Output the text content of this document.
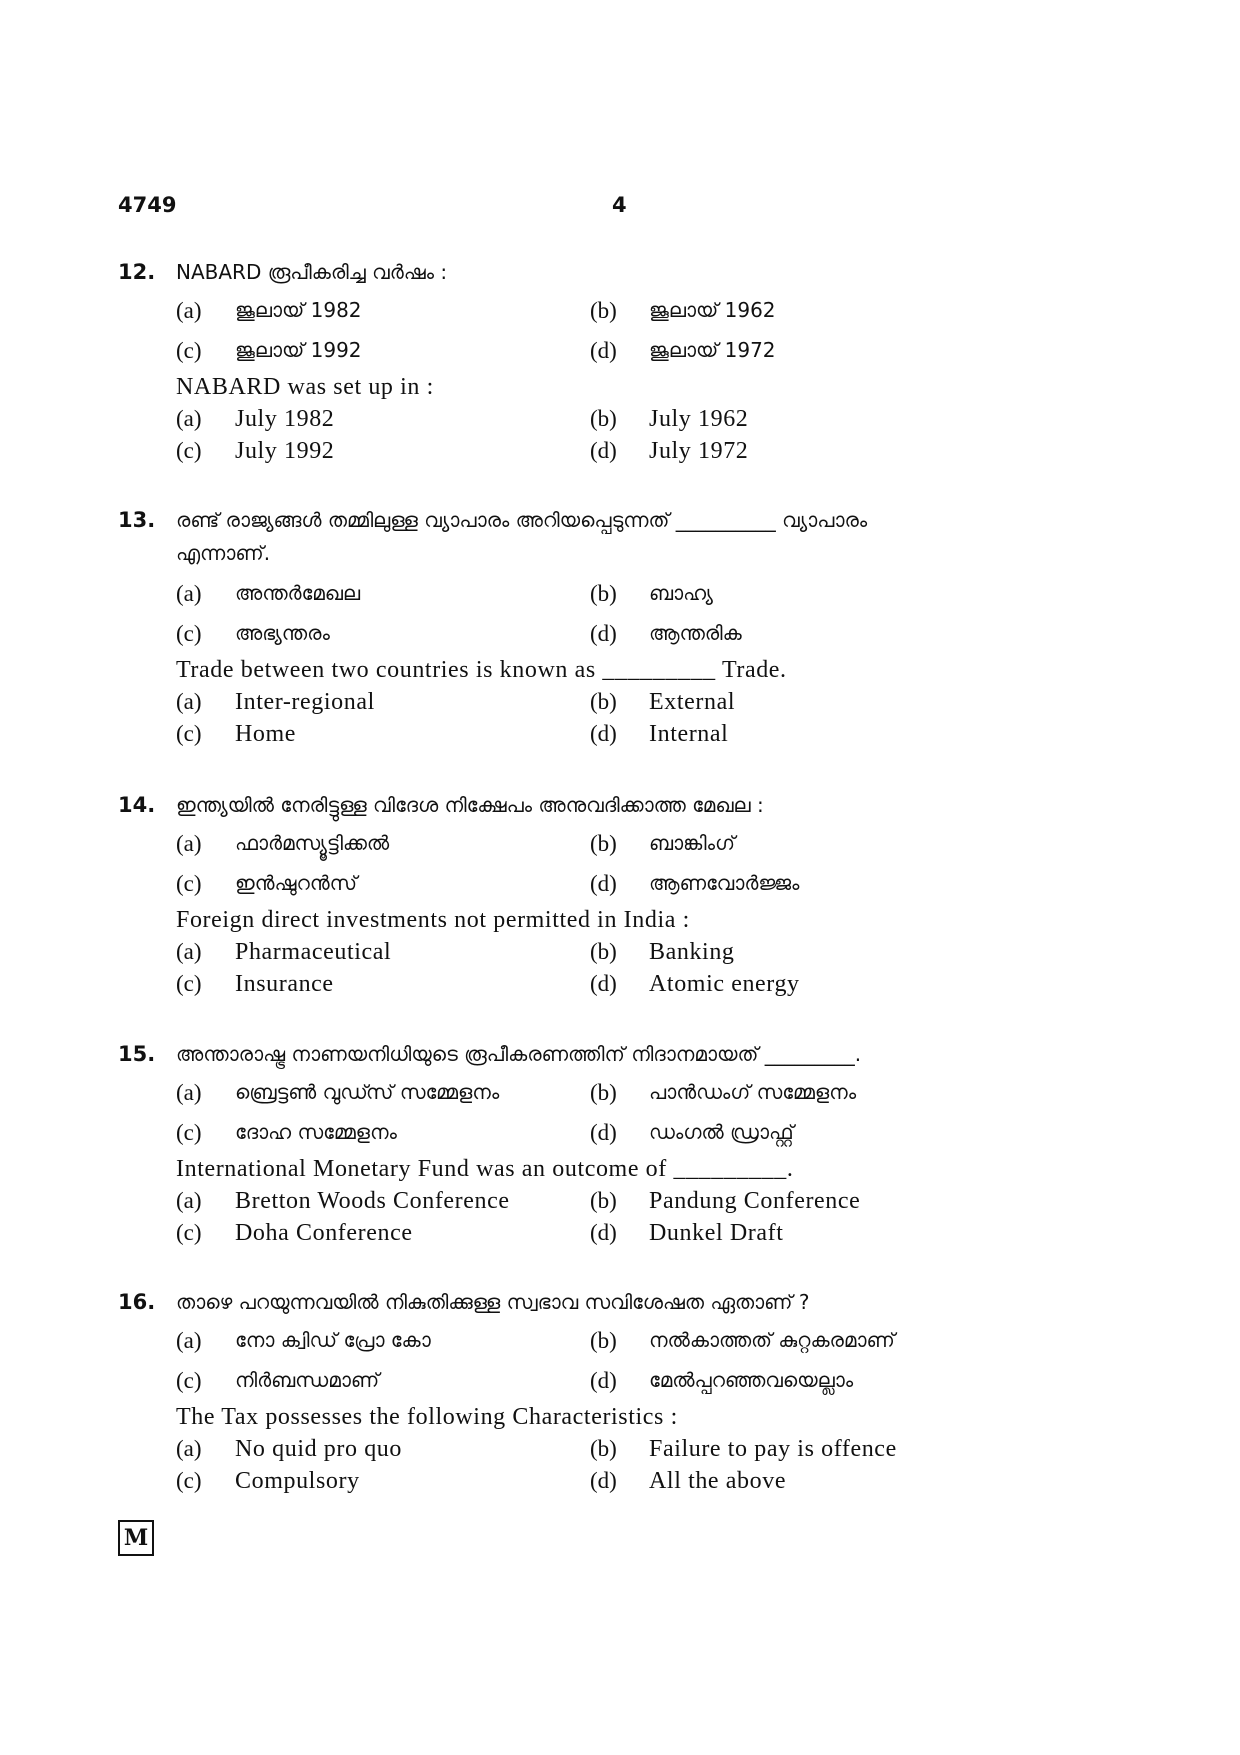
4749	4
12. NABARD രൂപീകരിച്ച വർഷം :
(a) ജൂലായ് 1982	(b) ജൂലായ് 1962
(c) ജൂലായ് 1992	(d) ജൂലായ് 1972
NABARD was set up in :
(a) July 1982	(b) July 1962
(c) July 1992	(d) July 1972
13. രണ്ട് രാജ്യങ്ങൾ തമ്മിലുള്ള വ്യാപാരം അറിയപ്പെടുന്നത് __________ വ്യാപാരം
എന്നാണ്.
(a) അന്തർമേഖല	(b) ബാഹ്യ
(c) അഭ്യന്തരം	(d) ആന്തരിക
Trade between two countries is known as _________ Trade.
(a) Inter-regional	(b) External
(c) Home	(d) Internal
14. ഇന്ത്യയിൽ നേരിട്ടുള്ള വിദേശ നിക്ഷേപം അനുവദിക്കാത്ത മേഖല :
(a) ഫാർമസ്യൂട്ടിക്കൽ	(b) ബാങ്കിംഗ്
(c) ഇൻഷുറൻസ്	(d) ആണവോർജ്ജം
Foreign direct investments not permitted in India :
(a) Pharmaceutical	(b) Banking
(c) Insurance	(d) Atomic energy
15. അന്താരാഷ്ട്ര നാണയനിധിയുടെ രൂപീകരണത്തിന് നിദാനമായത് _________.
(a) ബ്രെട്ടൺ വുഡ്സ് സമ്മേളനം	(b) പാൻഡംഗ് സമ്മേളനം
(c) ദോഹ സമ്മേളനം	(d) ഡംഗൽ ഡ്രാഫ്റ്റ്
International Monetary Fund was an outcome of _________.
(a) Bretton Woods Conference	(b) Pandung Conference
(c) Doha Conference	(d) Dunkel Draft
16. താഴെ പറയുന്നവയിൽ നികുതിക്കുള്ള സ്വഭാവ സവിശേഷത ഏതാണ് ?
(a) നോ ക്വിഡ് പ്രോ കോ	(b) നൽകാത്തത് കുറ്റകരമാണ്
(c) നിർബന്ധമാണ്	(d) മേൽപ്പറഞ്ഞവയെല്ലാം
The Tax possesses the following Characteristics :
(a) No quid pro quo	(b) Failure to pay is offence
(c) Compulsory	(d) All the above
M
